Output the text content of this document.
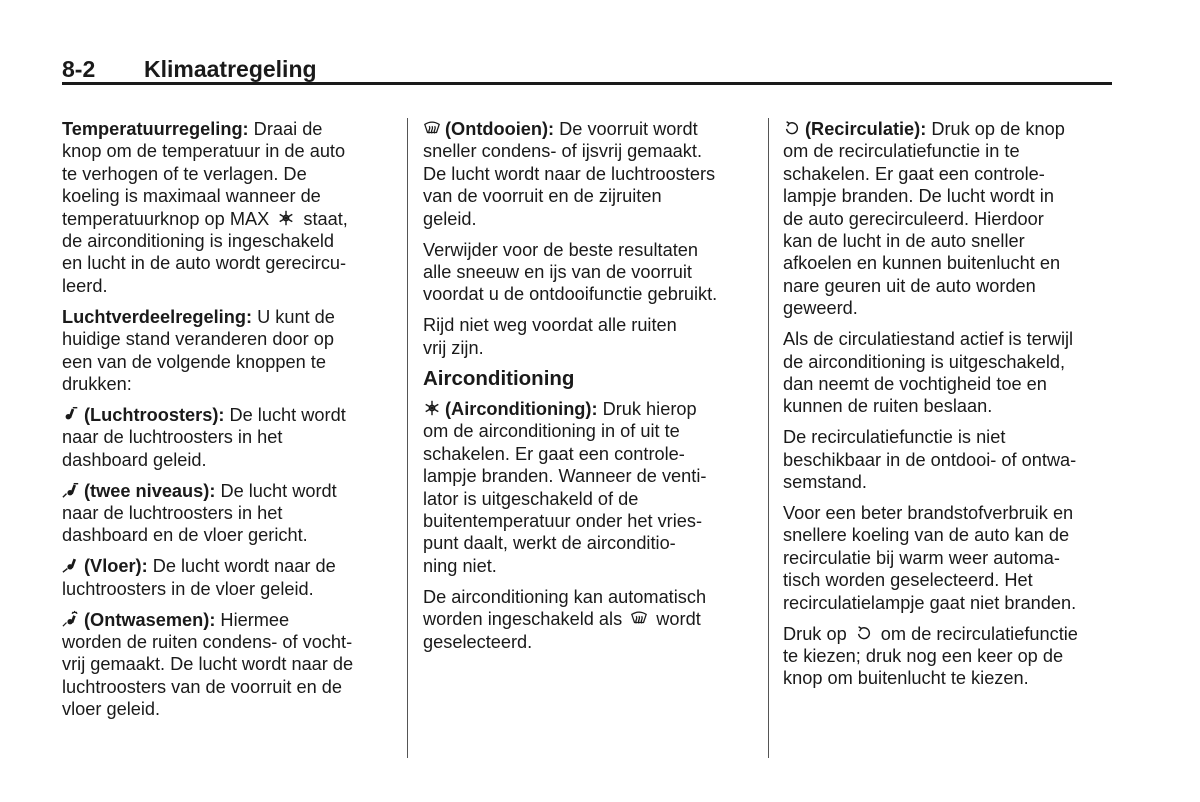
8-2 Klimaatregeling

Temperatuurregeling: Draai de
knop om de temperatuur in de auto
te verhogen of te verlagen. De
koeling is maximaal wanneer de
temperatuurknop op MAX
staat,
de airconditioning is ingeschakeld
en lucht in de auto wordt gerecircu-
leerd.

Luchtverdeelregeling: U kunt de
huidige stand veranderen door op
een van de volgende knoppen te
drukken:

(Luchtroosters): De lucht wordt
naar de luchtroosters in het
dashboard geleid.

(twee niveaus): De lucht wordt
naar de luchtroosters in het
dashboard en de vloer gericht.

(Vloer): De lucht wordt naar de
luchtroosters in de vloer geleid.

(Ontwasemen): Hiermee
worden de ruiten condens- of vocht-
vrij gemaakt. De lucht wordt naar de
luchtroosters van de voorruit en de
vloer geleid.

(Ontdooien): De voorruit wordt
sneller condens- of ijsvrij gemaakt.
De lucht wordt naar de luchtroosters
van de voorruit en de zijruiten
geleid.

Verwijder voor de beste resultaten
alle sneeuw en ijs van de voorruit
voordat u de ontdooifunctie gebruikt.

Rijd niet weg voordat alle ruiten
vrij zijn.

Airconditioning

(Airconditioning): Druk hierop
om de airconditioning in of uit te
schakelen. Er gaat een controle-
lampje branden. Wanneer de venti-
lator is uitgeschakeld of de
buitentemperatuur onder het vries-
punt daalt, werkt de airconditio-
ning niet.

De airconditioning kan automatisch
worden ingeschakeld als
wordt
geselecteerd.

(Recirculatie): Druk op de knop
om de recirculatiefunctie in te
schakelen. Er gaat een controle-
lampje branden. De lucht wordt in
de auto gerecirculeerd. Hierdoor
kan de lucht in de auto sneller
afkoelen en kunnen buitenlucht en
nare geuren uit de auto worden
geweerd.

Als de circulatiestand actief is terwijl
de airconditioning is uitgeschakeld,
dan neemt de vochtigheid toe en
kunnen de ruiten beslaan.

De recirculatiefunctie is niet
beschikbaar in de ontdooi- of ontwa-
semstand.

Voor een beter brandstofverbruik en
snellere koeling van de auto kan de
recirculatie bij warm weer automa-
tisch worden geselecteerd. Het
recirculatielampje gaat niet branden.

Druk op
om de recirculatiefunctie
te kiezen; druk nog een keer op de
knop om buitenlucht te kiezen.
